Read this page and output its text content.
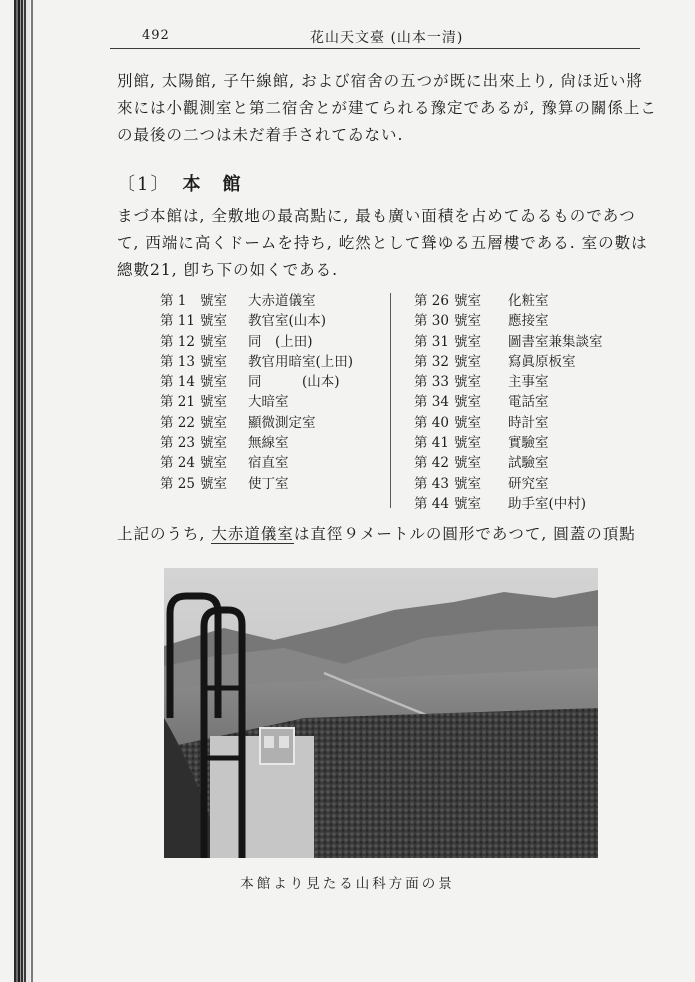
492	花山天文臺 (山本一清)

別館, 太陽館, 子午線館, および宿舍の五つが既に出來上り, 尙ほ近い將
來には小觀測室と第二宿舍とが建てられる豫定であるが, 豫算の關係上こ
の最後の二つは未だ着手されてゐない.

〔1〕 本館

まづ本館は, 全敷地の最高點に, 最も廣い面積を占めてゐるものであつ
て, 西端に高くドームを持ち, 屹然として聳ゆる五層樓である. 室の數は
總數21, 卽ち下の如くである.

第 1 號室 大赤道儀室
第 11 號室 教官室(山本)
第 12 號室 同　(上田)
第 13 號室 教官用暗室(上田)
第 14 號室 同　　　(山本)
第 21 號室 大暗室
第 22 號室 顯微測定室
第 23 號室 無線室
第 24 號室 宿直室
第 25 號室 使丁室
第 26 號室 化粧室
第 30 號室 應接室
第 31 號室 圖書室兼集談室
第 32 號室 寫眞原板室
第 33 號室 主事室
第 34 號室 電話室
第 40 號室 時計室
第 41 號室 實驗室
第 42 號室 試驗室
第 43 號室 研究室
第 44 號室 助手室(中村)

上記のうち, 大赤道儀室は直徑９メートルの圓形であつて, 圓蓋の頂點

本館より見たる山科方面の景
